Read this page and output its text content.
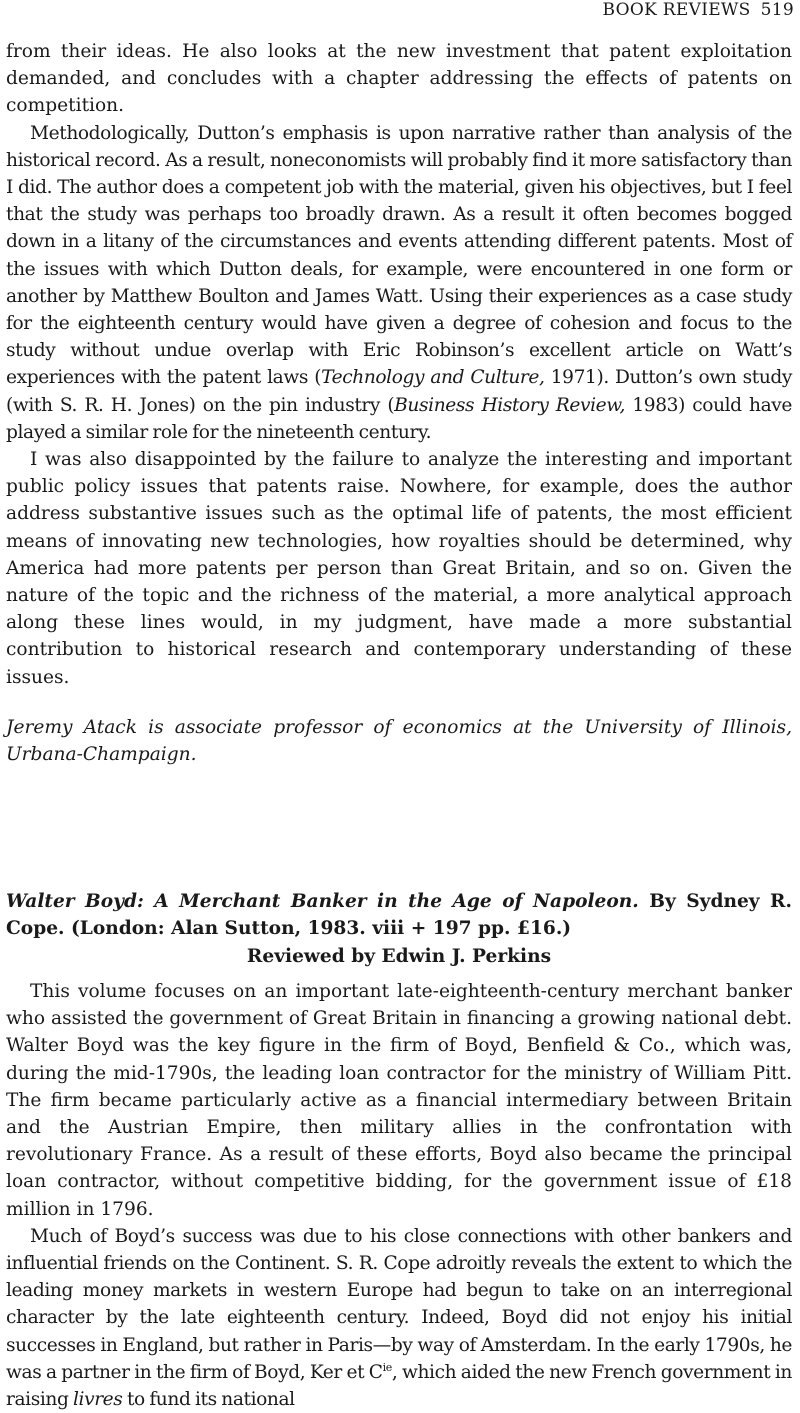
BOOK REVIEWS 519

from their ideas. He also looks at the new investment that patent exploitation demanded, and concludes with a chapter addressing the effects of patents on competition.

Methodologically, Dutton’s emphasis is upon narrative rather than analysis of the historical record. As a result, noneconomists will probably find it more satisfactory than I did. The author does a competent job with the material, given his objectives, but I feel that the study was perhaps too broadly drawn. As a result it often becomes bogged down in a litany of the circumstances and events attending different patents. Most of the issues with which Dutton deals, for example, were encountered in one form or another by Matthew Boulton and James Watt. Using their experiences as a case study for the eighteenth century would have given a degree of cohesion and focus to the study without undue overlap with Eric Robinson’s excellent article on Watt’s experiences with the patent laws (Technology and Culture, 1971). Dutton’s own study (with S. R. H. Jones) on the pin industry (Business History Review, 1983) could have played a similar role for the nineteenth century.

I was also disappointed by the failure to analyze the interesting and important public policy issues that patents raise. Nowhere, for example, does the author address substantive issues such as the optimal life of patents, the most efficient means of innovating new technologies, how royalties should be determined, why America had more patents per person than Great Britain, and so on. Given the nature of the topic and the richness of the material, a more analytical approach along these lines would, in my judgment, have made a more substantial contribution to historical research and contemporary understanding of these issues.

Jeremy Atack is associate professor of economics at the University of Illinois, Urbana-Champaign.

Walter Boyd: A Merchant Banker in the Age of Napoleon. By Sydney R. Cope. (London: Alan Sutton, 1983. viii + 197 pp. £16.)

Reviewed by Edwin J. Perkins

This volume focuses on an important late-eighteenth-century merchant banker who assisted the government of Great Britain in financing a growing national debt. Walter Boyd was the key figure in the firm of Boyd, Benfield & Co., which was, during the mid-1790s, the leading loan contractor for the ministry of William Pitt. The firm became particularly active as a financial intermediary between Britain and the Austrian Empire, then military allies in the confrontation with revolutionary France. As a result of these efforts, Boyd also became the principal loan contractor, without competitive bidding, for the government issue of £18 million in 1796.

Much of Boyd’s success was due to his close connections with other bankers and influential friends on the Continent. S. R. Cope adroitly reveals the extent to which the leading money markets in western Europe had begun to take on an interregional character by the late eighteenth century. Indeed, Boyd did not enjoy his initial successes in England, but rather in Paris—by way of Amsterdam. In the early 1790s, he was a partner in the firm of Boyd, Ker et $C^{ie}$, which aided the new French government in raising livres to fund its national
